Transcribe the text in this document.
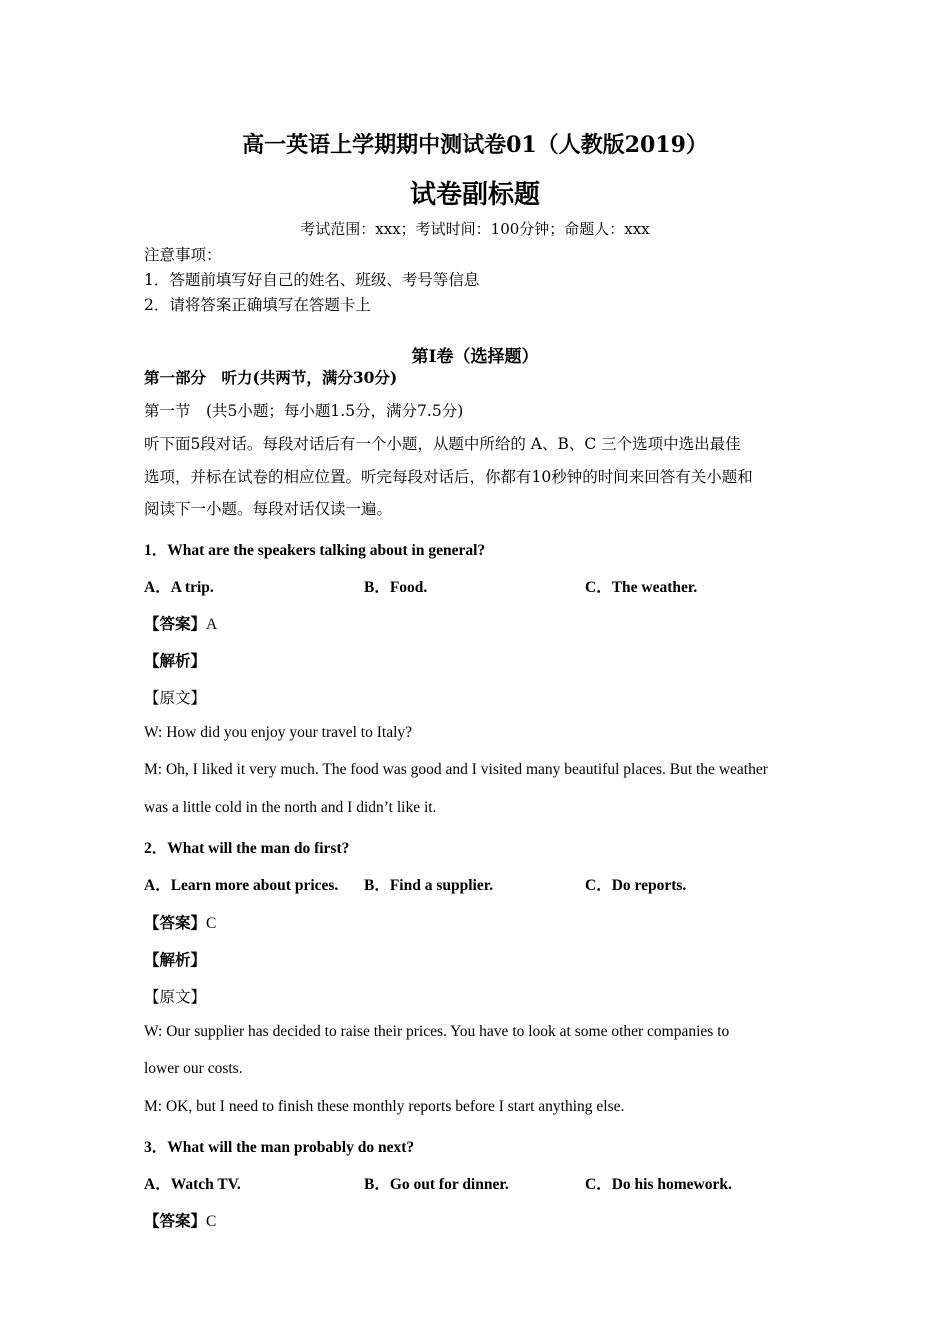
高一英语上学期期中测试卷01（人教版2019）
试卷副标题
考试范围：xxx；考试时间：100分钟；命题人：xxx
注意事项：
1．答题前填写好自己的姓名、班级、考号等信息
2．请将答案正确填写在答题卡上
第I卷（选择题）
第一部分　听力(共两节，满分30分)
第一节　(共5小题；每小题1.5分，满分7.5分)
听下面5段对话。每段对话后有一个小题，从题中所给的 A、B、C 三个选项中选出最佳
选项，并标在试卷的相应位置。听完每段对话后，你都有10秒钟的时间来回答有关小题和
阅读下一小题。每段对话仅读一遍。
1．What are the speakers talking about in general?
A．A trip.	B．Food.	C．The weather.
【答案】A
【解析】
【原文】
W: How did you enjoy your travel to Italy?
M: Oh, I liked it very much. The food was good and I visited many beautiful places. But the weather
was a little cold in the north and I didn’t like it.
2．What will the man do first?
A．Learn more about prices. B．Find a supplier.	C．Do reports.
【答案】C
【解析】
【原文】
W: Our supplier has decided to raise their prices. You have to look at some other companies to
lower our costs.
M: OK, but I need to finish these monthly reports before I start anything else.
3．What will the man probably do next?
A．Watch TV.	B．Go out for dinner.	C．Do his homework.
【答案】C
